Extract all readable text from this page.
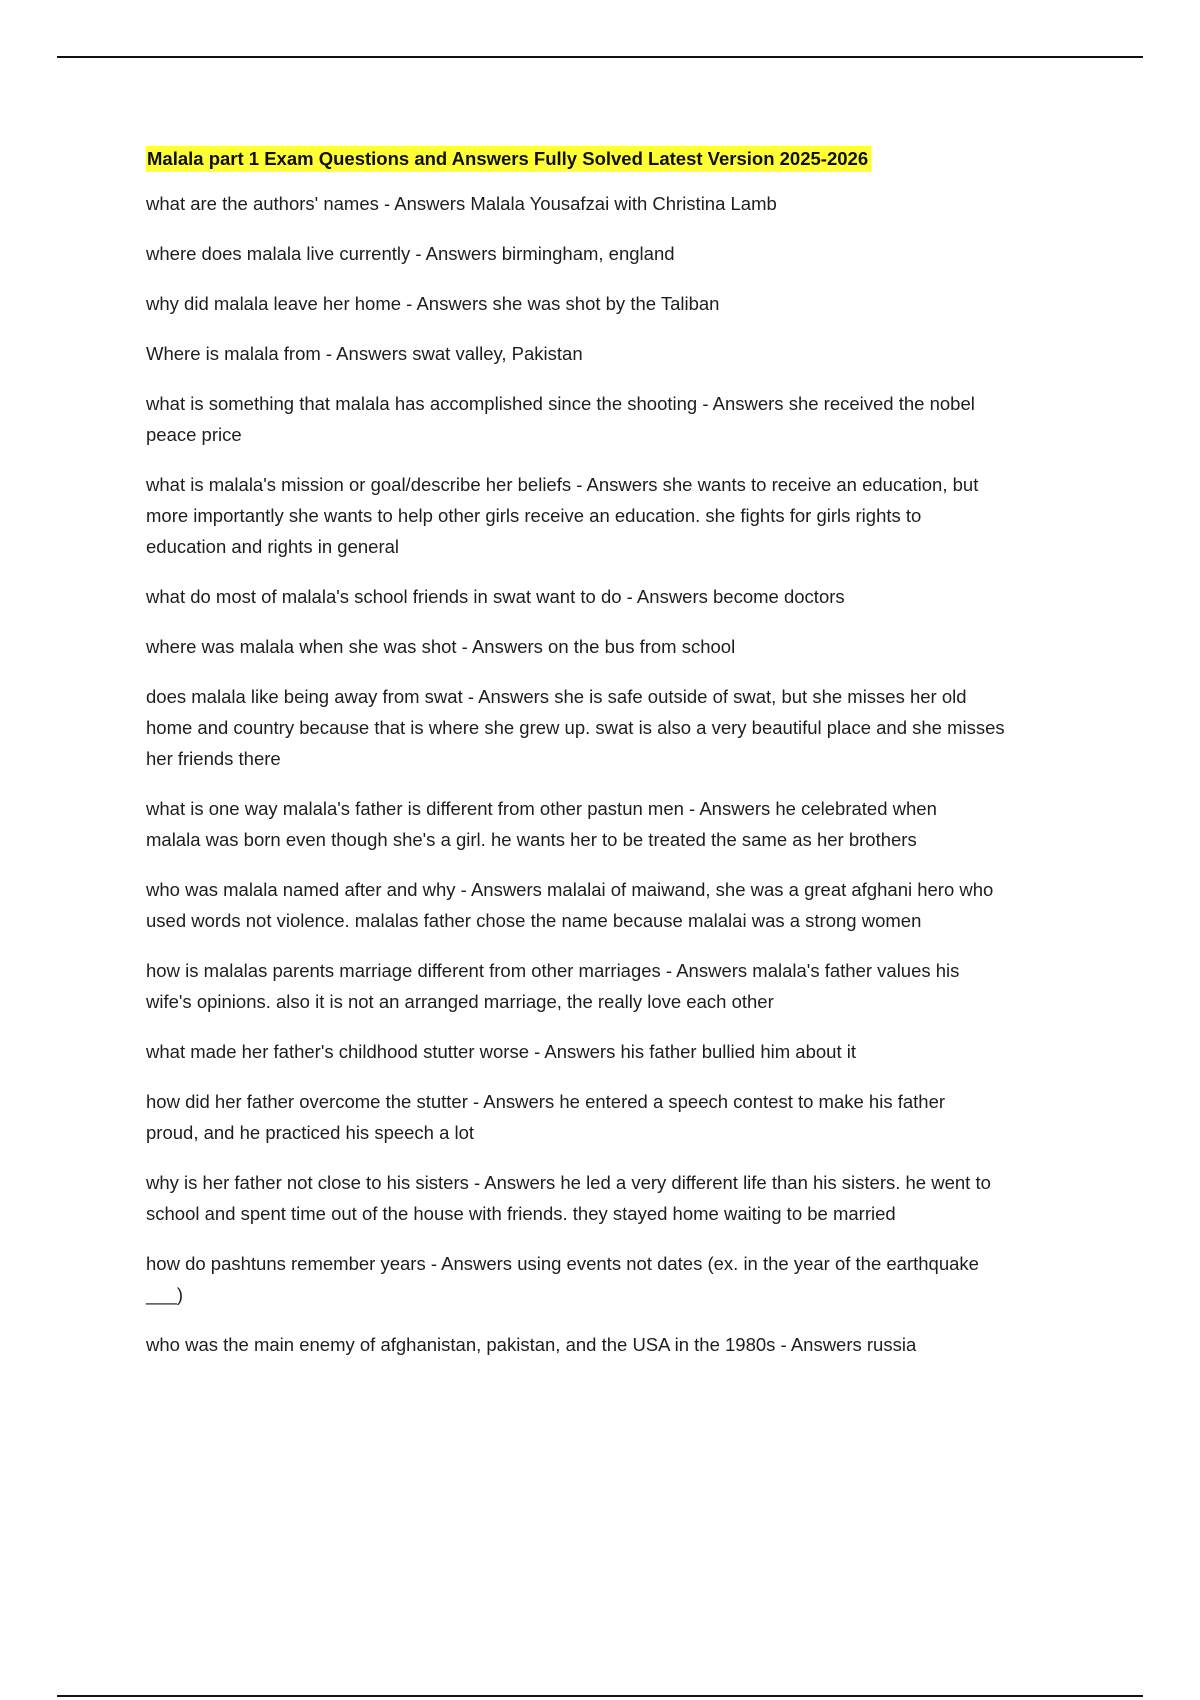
Malala part 1 Exam Questions and Answers Fully Solved Latest Version 2025-2026
what are the authors' names - Answers Malala Yousafzai with Christina Lamb
where does malala live currently - Answers birmingham, england
why did malala leave her home - Answers she was shot by the Taliban
Where is malala from - Answers swat valley, Pakistan
what is something that malala has accomplished since the shooting - Answers she received the nobel
peace price
what is malala's mission or goal/describe her beliefs - Answers she wants to receive an education, but
more importantly she wants to help other girls receive an education. she fights for girls rights to
education and rights in general
what do most of malala's school friends in swat want to do - Answers become doctors
where was malala when she was shot - Answers on the bus from school
does malala like being away from swat - Answers she is safe outside of swat, but she misses her old
home and country because that is where she grew up. swat is also a very beautiful place and she misses
her friends there
what is one way malala's father is different from other pastun men - Answers he celebrated when
malala was born even though she's a girl. he wants her to be treated the same as her brothers
who was malala named after and why - Answers malalai of maiwand, she was a great afghani hero who
used words not violence. malalas father chose the name because malalai was a strong women
how is malalas parents marriage different from other marriages - Answers malala's father values his
wife's opinions. also it is not an arranged marriage, the really love each other
what made her father's childhood stutter worse - Answers his father bullied him about it
how did her father overcome the stutter - Answers he entered a speech contest to make his father
proud, and he practiced his speech a lot
why is her father not close to his sisters - Answers he led a very different life than his sisters. he went to
school and spent time out of the house with friends. they stayed home waiting to be married
how do pashtuns remember years - Answers using events not dates (ex. in the year of the earthquake
___)
who was the main enemy of afghanistan, pakistan, and the USA in the 1980s - Answers russia
